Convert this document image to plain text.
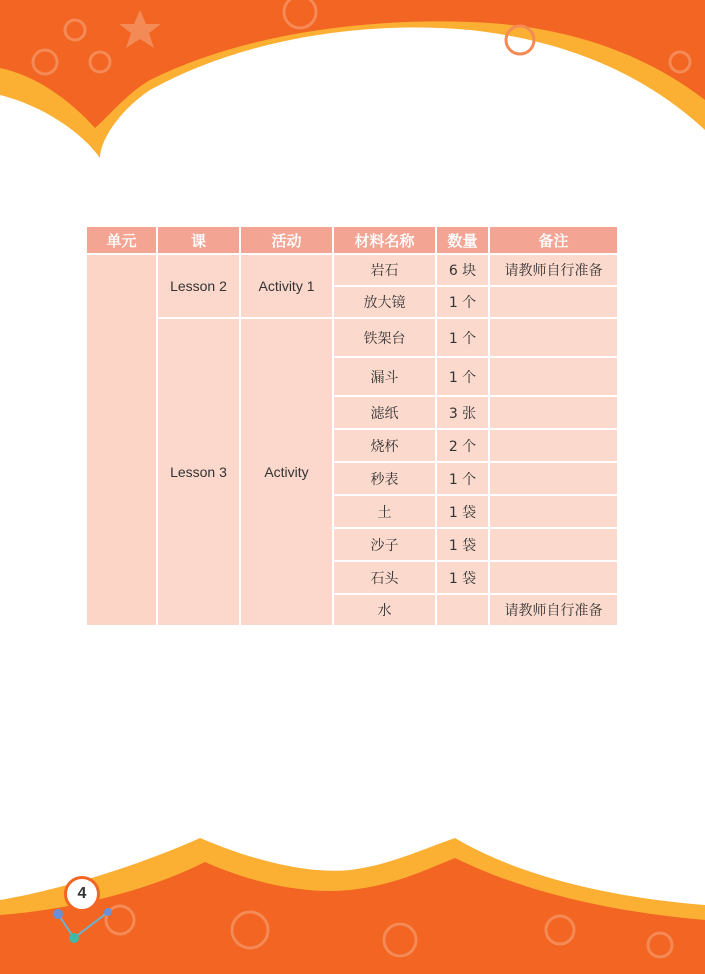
单元	课	活动	材料名称	数量	备注
	Lesson 2	Activity 1	岩石	6 块	请教师自行准备
			放大镜	1 个	
	Lesson 3	Activity	铁架台	1 个	
			漏斗	1 个	
			滤纸	3 张	
			烧杯	2 个	
			秒表	1 个	
			土	1 袋	
			沙子	1 袋	
			石头	1 袋	
			水		请教师自行准备
4
